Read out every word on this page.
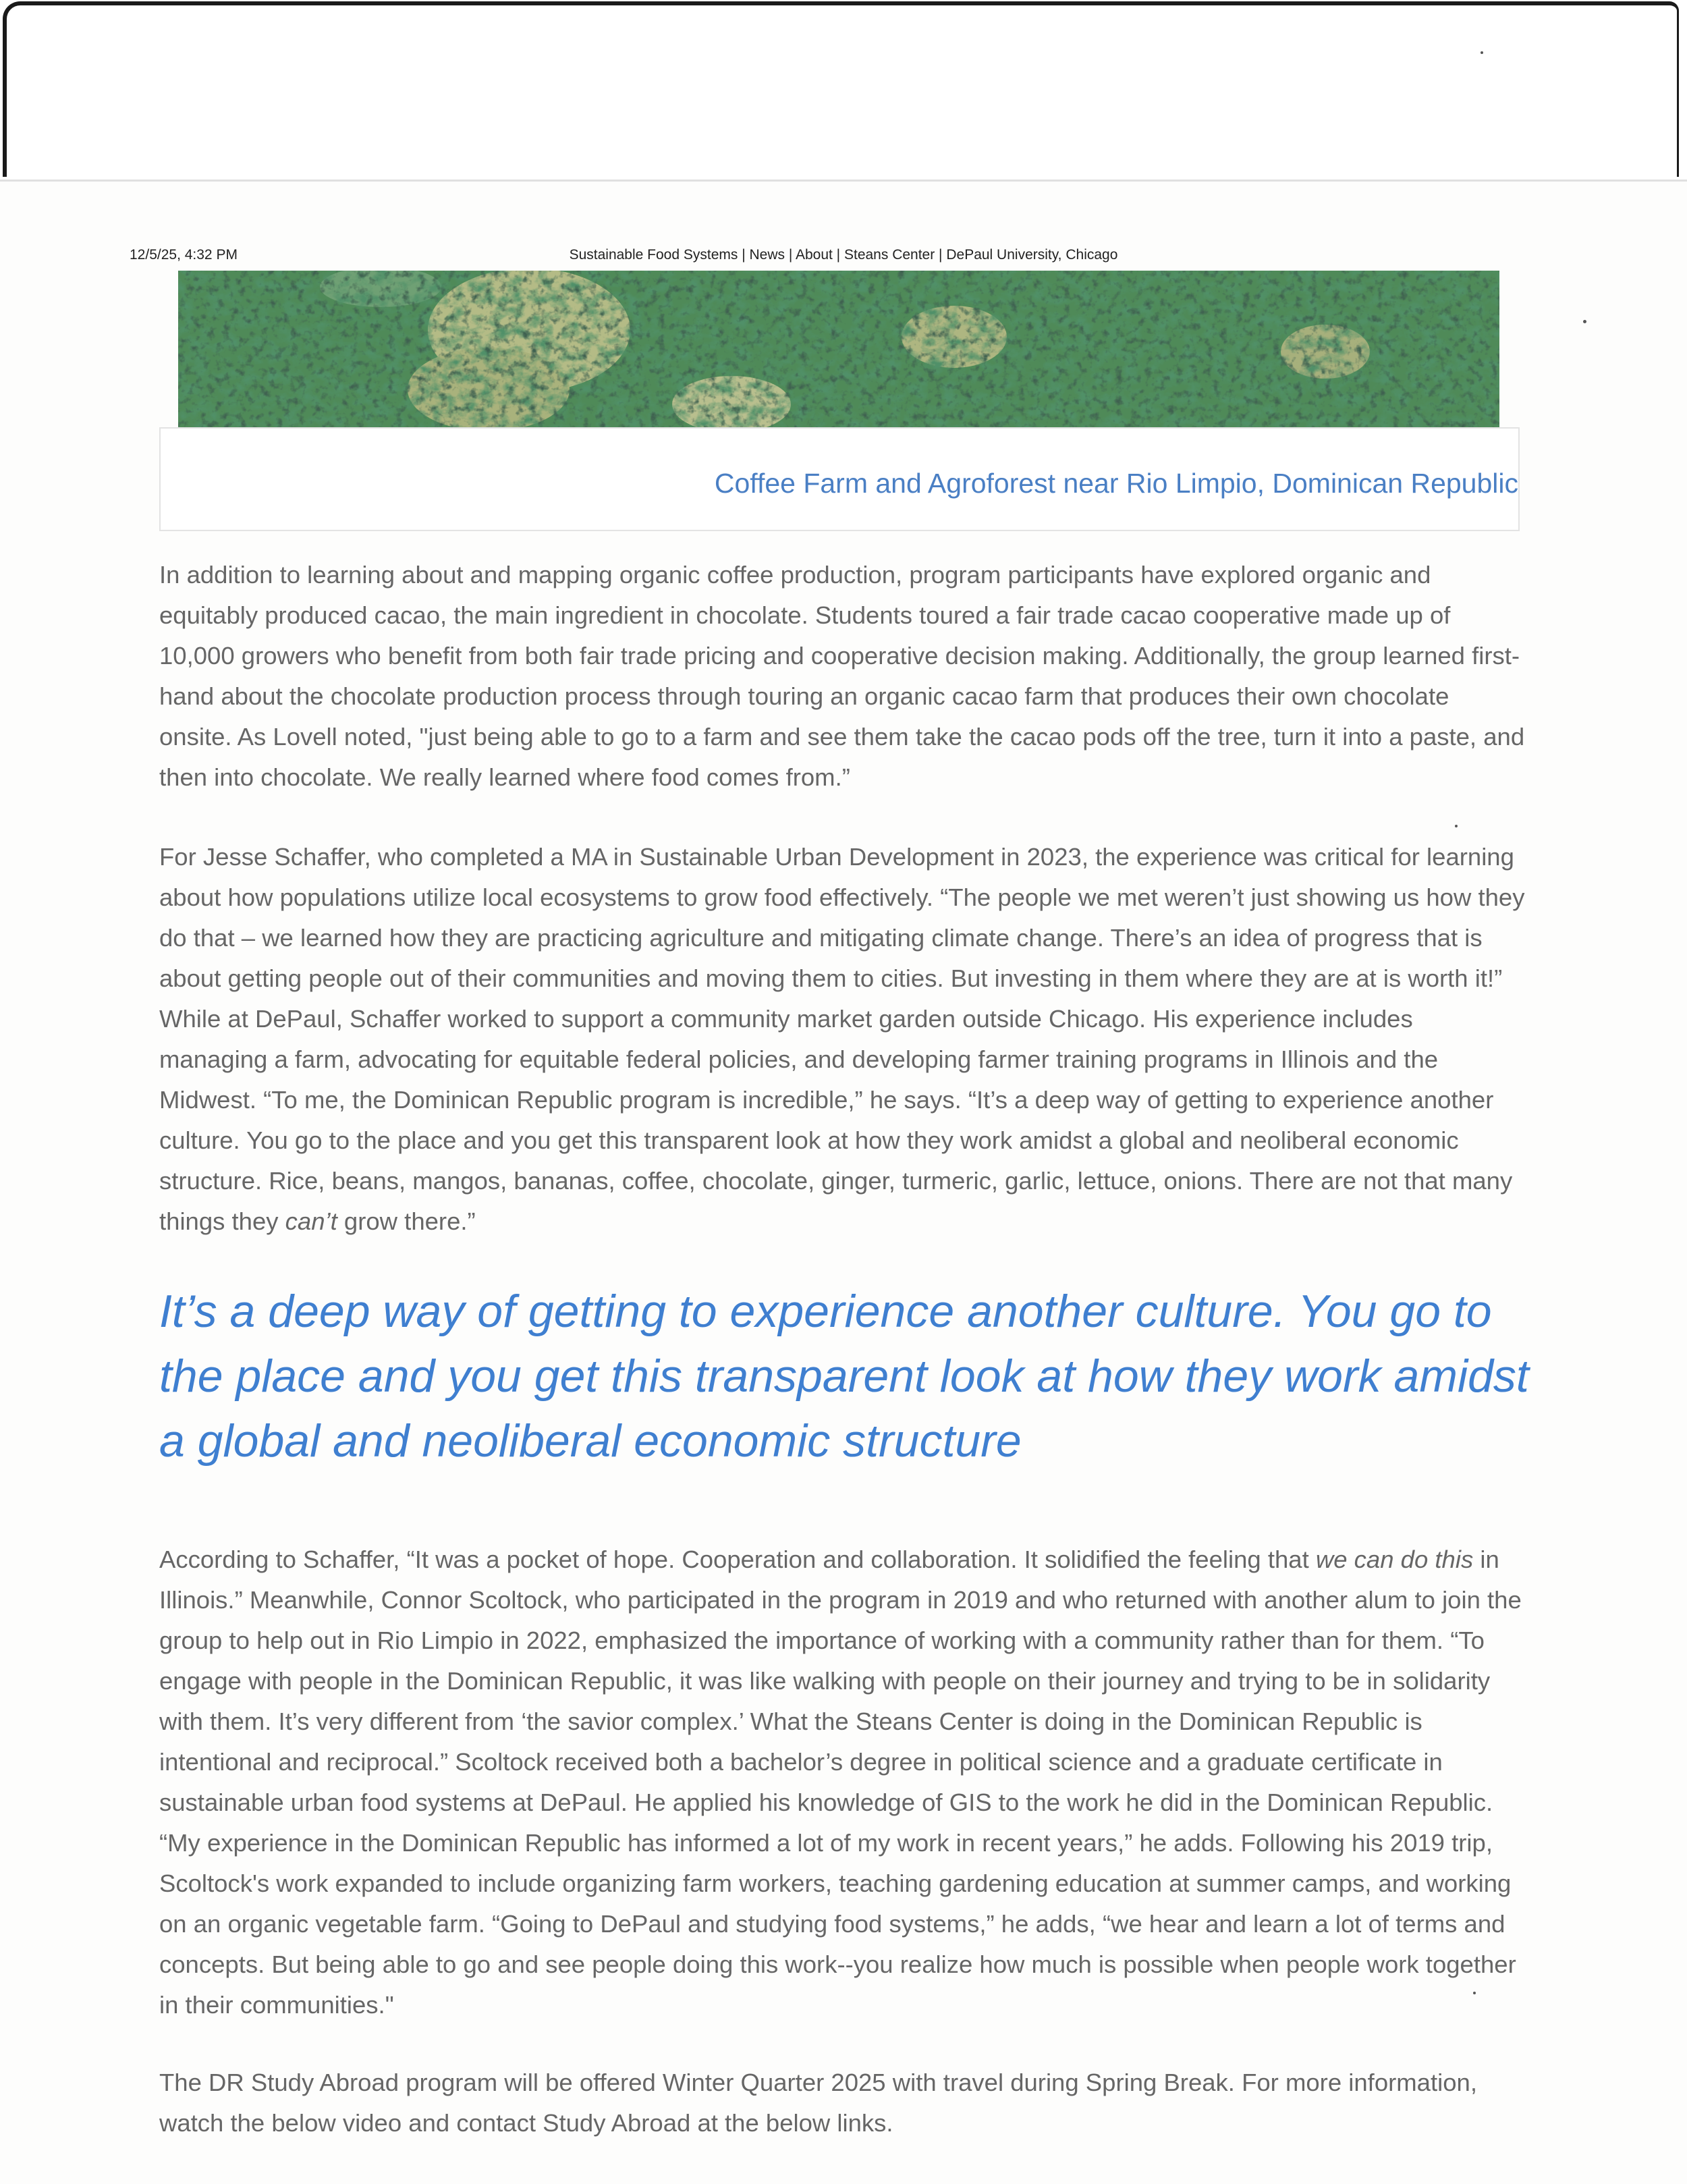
12/5/25, 4:32 PM	Sustainable Food Systems | News | About | Steans Center | DePaul University, Chicago
Coffee Farm and Agroforest near Rio Limpio, Dominican Republic

In addition to learning about and mapping organic coffee production, program participants have explored organic and equitably produced cacao, the main ingredient in chocolate. Students toured a fair trade cacao cooperative made up of 10,000 growers who benefit from both fair trade pricing and cooperative decision making. Additionally, the group learned first-hand about the chocolate production process through touring an organic cacao farm that produces their own chocolate onsite. As Lovell noted, "just being able to go to a farm and see them take the cacao pods off the tree, turn it into a paste, and then into chocolate. We really learned where food comes from.”

For Jesse Schaffer, who completed a MA in Sustainable Urban Development in 2023, the experience was critical for learning about how populations utilize local ecosystems to grow food effectively. “The people we met weren’t just showing us how they do that – we learned how they are practicing agriculture and mitigating climate change. There’s an idea of progress that is about getting people out of their communities and moving them to cities. But investing in them where they are at is worth it!” While at DePaul, Schaffer worked to support a community market garden outside Chicago. His experience includes managing a farm, advocating for equitable federal policies, and developing farmer training programs in Illinois and the Midwest. “To me, the Dominican Republic program is incredible,” he says. “It’s a deep way of getting to experience another culture. You go to the place and you get this transparent look at how they work amidst a global and neoliberal economic structure. Rice, beans, mangos, bananas, coffee, chocolate, ginger, turmeric, garlic, lettuce, onions. There are not that many things they can’t grow there.”

It’s a deep way of getting to experience another culture. You go to the place and you get this transparent look at how they work amidst a global and neoliberal economic structure

According to Schaffer, “It was a pocket of hope. Cooperation and collaboration. It solidified the feeling that we can do this in Illinois.” Meanwhile, Connor Scoltock, who participated in the program in 2019 and who returned with another alum to join the group to help out in Rio Limpio in 2022, emphasized the importance of working with a community rather than for them. “To engage with people in the Dominican Republic, it was like walking with people on their journey and trying to be in solidarity with them. It’s very different from ‘the savior complex.’ What the Steans Center is doing in the Dominican Republic is intentional and reciprocal.” Scoltock received both a bachelor’s degree in political science and a graduate certificate in sustainable urban food systems at DePaul. He applied his knowledge of GIS to the work he did in the Dominican Republic. “My experience in the Dominican Republic has informed a lot of my work in recent years,” he adds. Following his 2019 trip, Scoltock's work expanded to include organizing farm workers, teaching gardening education at summer camps, and working on an organic vegetable farm. “Going to DePaul and studying food systems,” he adds, “we hear and learn a lot of terms and concepts. But being able to go and see people doing this work--you realize how much is possible when people work together in their communities."

The DR Study Abroad program will be offered Winter Quarter 2025 with travel during Spring Break. For more information, watch the below video and contact Study Abroad at the below links.
